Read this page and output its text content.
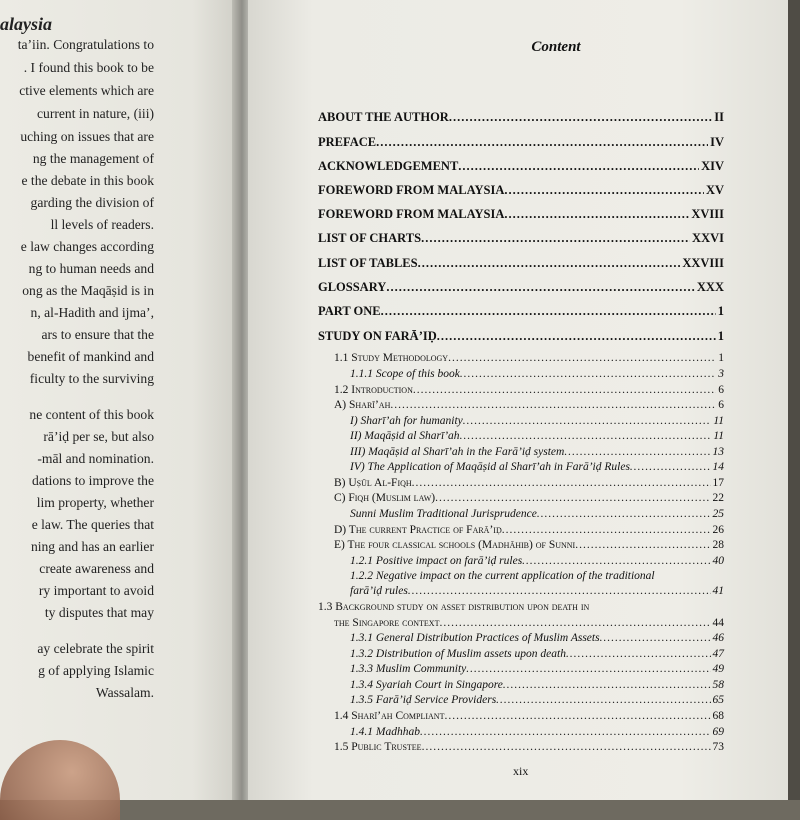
alaysia
ta’iin. Congratulations to
. I found this book to be
ctive elements which are
current in nature, (iii)
uching on issues that are
ng the management of
e the debate in this book
garding the division of
ll levels of readers.
e law changes according
ng to human needs and
ong as the Maqāṣid is in
n, al-Hadith and ijma’,
ars to ensure that the
benefit of mankind and
ficulty to the surviving
ne content of this book
rā’iḍ per se, but also
-māl and nomination.
dations to improve the
lim property, whether
e law. The queries that
ning and has an earlier
create awareness and
ry important to avoid
ty disputes that may
ay celebrate the spirit
g of applying Islamic
Wassalam.
Content
ABOUT THE AUTHOR .....	II
PREFACE .....	IV
ACKNOWLEDGEMENT .....	XIV
FOREWORD FROM MALAYSIA .....	XV
FOREWORD FROM MALAYSIA .....	XVIII
LIST OF CHARTS .....	XXVI
LIST OF TABLES .....	XXVIII
GLOSSARY .....	XXX
PART ONE .....	1
STUDY ON FARĀ’IḌ .....	1
1.1 Study Methodology .....	1
1.1.1 Scope of this book .....	3
1.2 Introduction .....	6
A) Sharī’ah .....	6
I) Sharī’ah for humanity .....	11
II) Maqāṣid al Sharī’ah .....	11
III) Maqāṣid al Sharī’ah in the Farā’iḍ system .....	13
IV) The Application of Maqāṣid al Sharī’ah in Farā’iḍ Rules .....	14
B) Uṣūl Al-Fiqh .....	17
C) Fiqh (Muslim law) .....	22
Sunni Muslim Traditional Jurisprudence .....	25
D) The current Practice of Farā’iḍ .....	26
E) The four classical schools (Madhāhib) of Sunni .....	28
1.2.1 Positive impact on farā’iḍ rules .....	40
1.2.2 Negative impact on the current application of the traditional
farā’iḍ rules .....	41
1.3 Background study on asset distribution upon death in
the Singapore context .....	44
1.3.1 General Distribution Practices of Muslim Assets .....	46
1.3.2 Distribution of Muslim assets upon death .....	47
1.3.3 Muslim Community .....	49
1.3.4 Syariah Court in Singapore .....	58
1.3.5 Farā’iḍ Service Providers .....	65
1.4 Sharī’ah Compliant .....	68
1.4.1 Madhhab .....	69
1.5 Public Trustee .....	73
xix
